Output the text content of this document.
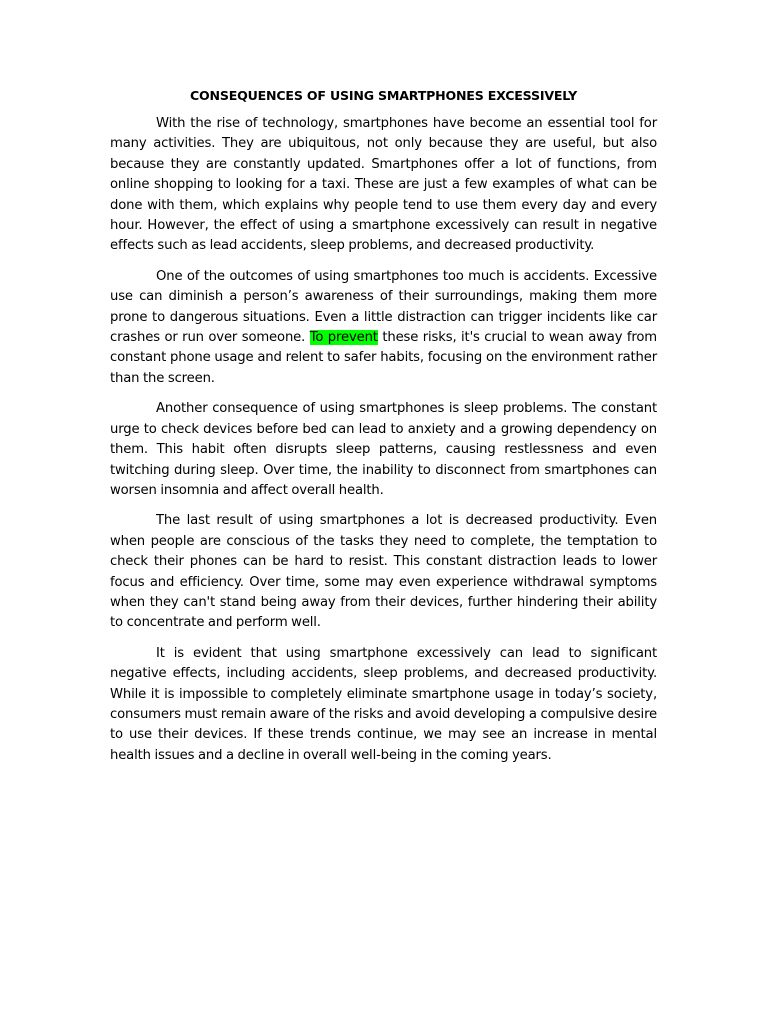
CONSEQUENCES OF USING SMARTPHONES EXCESSIVELY

With the rise of technology, smartphones have become an essential tool for many activities. They are ubiquitous, not only because they are useful, but also because they are constantly updated. Smartphones offer a lot of functions, from online shopping to looking for a taxi. These are just a few examples of what can be done with them, which explains why people tend to use them every day and every hour. However, the effect of using a smartphone excessively can result in negative effects such as lead accidents, sleep problems, and decreased productivity.

One of the outcomes of using smartphones too much is accidents. Excessive use can diminish a person’s awareness of their surroundings, making them more prone to dangerous situations. Even a little distraction can trigger incidents like car crashes or run over someone. To prevent these risks, it's crucial to wean away from constant phone usage and relent to safer habits, focusing on the environment rather than the screen.

Another consequence of using smartphones is sleep problems. The constant urge to check devices before bed can lead to anxiety and a growing dependency on them. This habit often disrupts sleep patterns, causing restlessness and even twitching during sleep. Over time, the inability to disconnect from smartphones can worsen insomnia and affect overall health.

The last result of using smartphones a lot is decreased productivity. Even when people are conscious of the tasks they need to complete, the temptation to check their phones can be hard to resist. This constant distraction leads to lower focus and efficiency. Over time, some may even experience withdrawal symptoms when they can't stand being away from their devices, further hindering their ability to concentrate and perform well.

It is evident that using smartphone excessively can lead to significant negative effects, including accidents, sleep problems, and decreased productivity. While it is impossible to completely eliminate smartphone usage in today’s society, consumers must remain aware of the risks and avoid developing a compulsive desire to use their devices. If these trends continue, we may see an increase in mental health issues and a decline in overall well-being in the coming years.
